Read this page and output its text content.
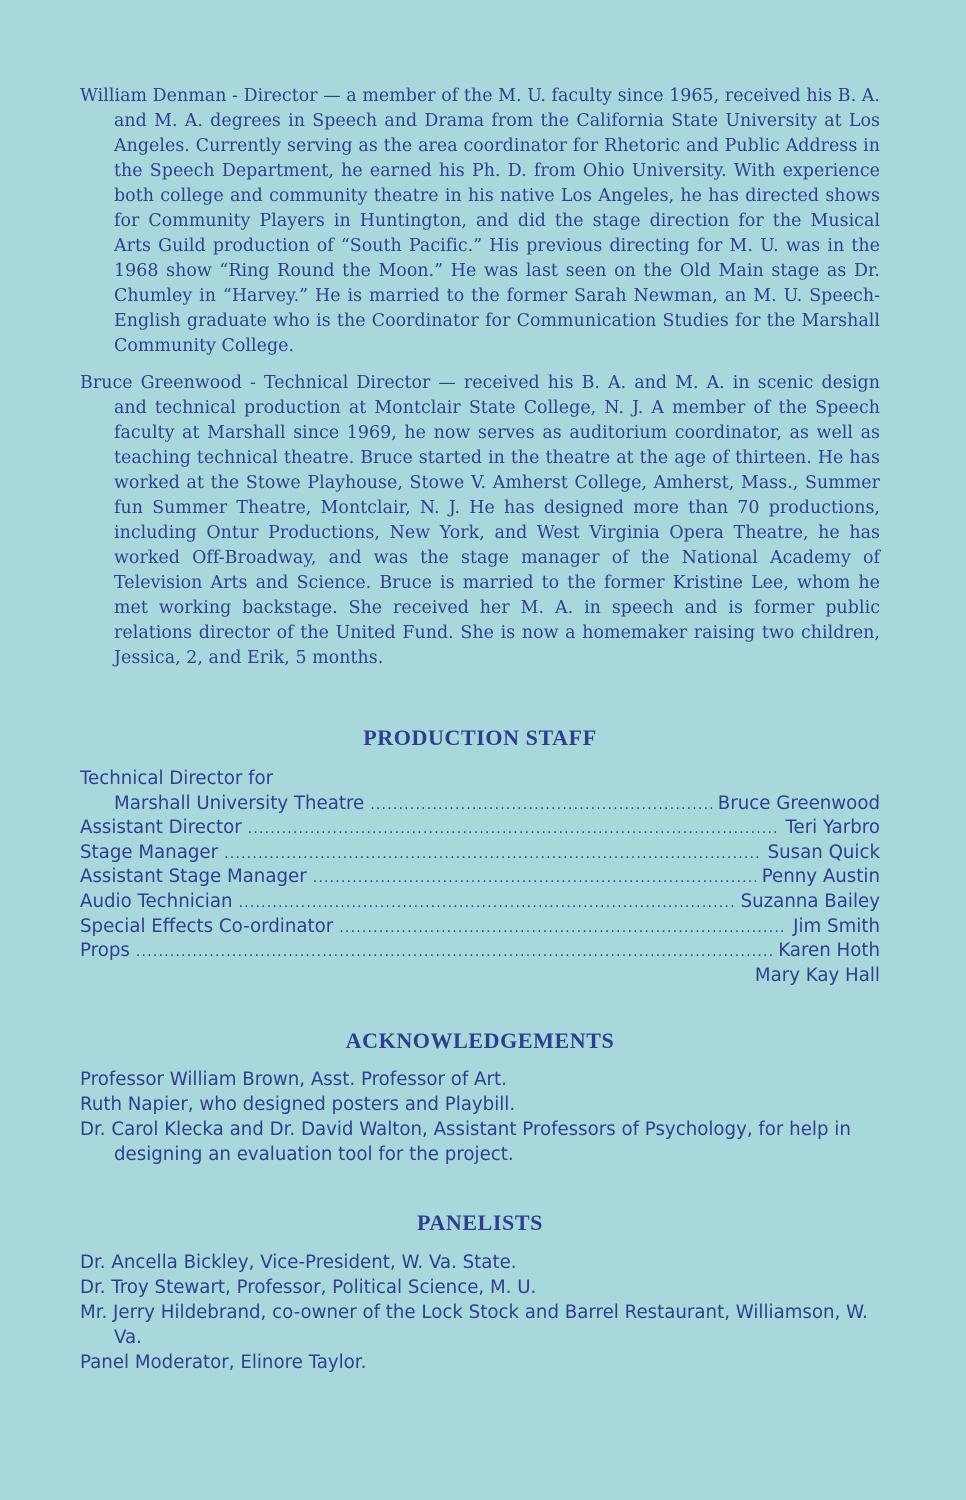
William Denman - Director — a member of the M. U. faculty since 1965, received his B. A. and M. A. degrees in Speech and Drama from the California State University at Los Angeles. Currently serving as the area coordinator for Rhetoric and Public Address in the Speech Department, he earned his Ph. D. from Ohio University. With experience both college and community theatre in his native Los Angeles, he has directed shows for Community Players in Huntington, and did the stage direction for the Musical Arts Guild production of “South Pacific.” His previous directing for M. U. was in the 1968 show “Ring Round the Moon.” He was last seen on the Old Main stage as Dr. Chumley in “Harvey.” He is married to the former Sarah Newman, an M. U. Speech-English graduate who is the Coordinator for Communication Studies for the Marshall Community College.

Bruce Greenwood - Technical Director — received his B. A. and M. A. in scenic design and technical production at Montclair State College, N. J. A member of the Speech faculty at Marshall since 1969, he now serves as auditorium coordinator, as well as teaching technical theatre. Bruce started in the theatre at the age of thirteen. He has worked at the Stowe Playhouse, Stowe V. Amherst College, Amherst, Mass., Summer fun Summer Theatre, Montclair, N. J. He has designed more than 70 productions, including Ontur Productions, New York, and West Virginia Opera Theatre, he has worked Off-Broadway, and was the stage manager of the National Academy of Television Arts and Science. Bruce is married to the former Kristine Lee, whom he met working backstage. She received her M. A. in speech and is former public relations director of the United Fund. She is now a homemaker raising two children, Jessica, 2, and Erik, 5 months.

PRODUCTION STAFF
Technical Director for
Marshall University Theatre .....	Bruce Greenwood
Assistant Director .....	Teri Yarbro
Stage Manager .....	Susan Quick
Assistant Stage Manager .....	Penny Austin
Audio Technician .....	Suzanna Bailey
Special Effects Co-ordinator .....	Jim Smith
Props .....	Karen Hoth
Mary Kay Hall
ACKNOWLEDGEMENTS

Professor William Brown, Asst. Professor of Art.

Ruth Napier, who designed posters and Playbill.

Dr. Carol Klecka and Dr. David Walton, Assistant Professors of Psychology, for help in designing an evaluation tool for the project.

PANELISTS

Dr. Ancella Bickley, Vice-President, W. Va. State.

Dr. Troy Stewart, Professor, Political Science, M. U.

Mr. Jerry Hildebrand, co-owner of the Lock Stock and Barrel Restaurant, Williamson, W. Va.

Panel Moderator, Elinore Taylor.
